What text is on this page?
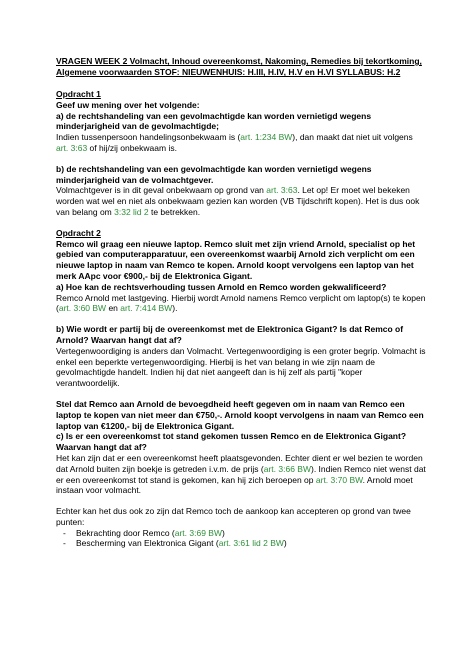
VRAGEN WEEK 2 Volmacht, Inhoud overeenkomst, Nakoming, Remedies bij tekortkoming, Algemene voorwaarden STOF: NIEUWENHUIS: H.III, H.IV, H.V en H.VI SYLLABUS: H.2

Opdracht 1

Geef uw mening over het volgende:

a) de rechtshandeling van een gevolmachtigde kan worden vernietigd wegens minderjarigheid van de gevolmachtigde;

Indien tussenpersoon handelingsonbekwaam is (art. 1:234 BW), dan maakt dat niet uit volgens art. 3:63 of hij/zij onbekwaam is.

b) de rechtshandeling van een gevolmachtigde kan worden vernietigd wegens minderjarigheid van de volmachtgever.

Volmachtgever is in dit geval onbekwaam op grond van art. 3:63. Let op! Er moet wel bekeken worden wat wel en niet als onbekwaam gezien kan worden (VB Tijdschrift kopen). Het is dus ook van belang om 3:32 lid 2 te betrekken.

Opdracht 2

Remco wil graag een nieuwe laptop. Remco sluit met zijn vriend Arnold, specialist op het gebied van computerapparatuur, een overeenkomst waarbij Arnold zich verplicht om een nieuwe laptop in naam van Remco te kopen. Arnold koopt vervolgens een laptop van het merk AApc voor €900,- bij de Elektronica Gigant.

a) Hoe kan de rechtsverhouding tussen Arnold en Remco worden gekwalificeerd?

Remco Arnold met lastgeving. Hierbij wordt Arnold namens Remco verplicht om laptop(s) te kopen (art. 3:60 BW en art. 7:414 BW).

b) Wie wordt er partij bij de overeenkomst met de Elektronica Gigant? Is dat Remco of Arnold? Waarvan hangt dat af?

Vertegenwoordiging is anders dan Volmacht. Vertegenwoordiging is een groter begrip. Volmacht is enkel een beperkte vertegenwoordiging. Hierbij is het van belang in wie zijn naam de gevolmachtigde handelt. Indien hij dat niet aangeeft dan is hij zelf als partij "koper verantwoordelijk.

Stel dat Remco aan Arnold de bevoegdheid heeft gegeven om in naam van Remco een laptop te kopen van niet meer dan €750,-. Arnold koopt vervolgens in naam van Remco een laptop van €1200,- bij de Elektronica Gigant.

c) Is er een overeenkomst tot stand gekomen tussen Remco en de Elektronica Gigant? Waarvan hangt dat af?

Het kan zijn dat er een overeenkomst heeft plaatsgevonden. Echter dient er wel bezien te worden dat Arnold buiten zijn boekje is getreden i.v.m. de prijs (art. 3:66 BW). Indien Remco niet wenst dat er een overeenkomst tot stand is gekomen, kan hij zich beroepen op art. 3:70 BW. Arnold moet instaan voor volmacht.

Echter kan het dus ook zo zijn dat Remco toch de aankoop kan accepteren op grond van twee punten:

- Bekrachting door Remco (art. 3:69 BW)
- Bescherming van Elektronica Gigant (art. 3:61 lid 2 BW)
